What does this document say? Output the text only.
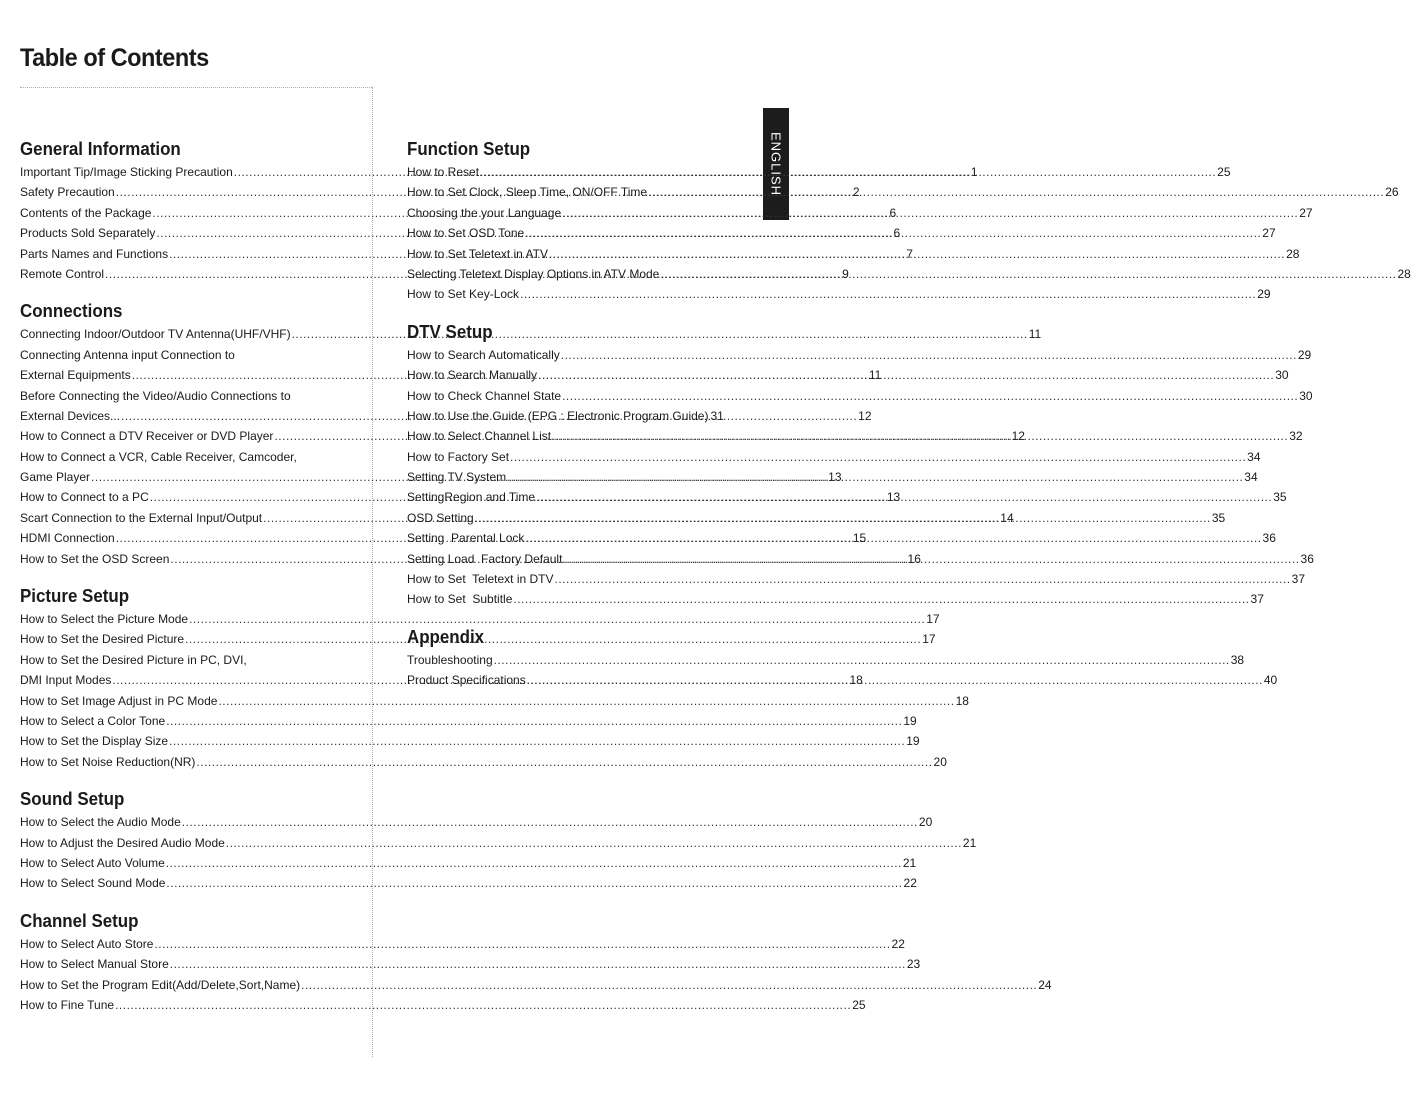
Table of Contents
ENGLISH
General Information
Important Tip/Image Sticking Precaution .....	1
Safety Precaution .....	2
Contents of the Package .....	6
Products Sold Separately .....	6
Parts Names and Functions .....	7
Remote Control .....	9
Connections
Connecting Indoor/Outdoor TV Antenna(UHF/VHF) .....	11
Connecting Antenna input Connection to
External Equipments .....	11
Before Connecting the Video/Audio Connections to
External Devices... .....	12
How to Connect a DTV Receiver or DVD Player .....	12
How to Connect a VCR, Cable Receiver, Camcoder,
Game Player .....	13
How to Connect to a PC .....	13
Scart Connection to the External Input/Output .....	14
HDMI Connection .....	15
How to Set the OSD Screen .....	16
Picture Setup
How to Select the Picture Mode .....	17
How to Set the Desired Picture .....	17
How to Set the Desired Picture in PC, DVI,
DMI Input Modes .....	18
How to Set Image Adjust in PC Mode .....	18
How to Select a Color Tone .....	19
How to Set the Display Size .....	19
How to Set Noise Reduction(NR) .....	20
Sound Setup
How to Select the Audio Mode .....	20
How to Adjust the Desired Audio Mode .....	21
How to Select Auto Volume .....	21
How to Select Sound Mode .....	22
Channel Setup
How to Select Auto Store .....	22
How to Select Manual Store .....	23
How to Set the Program Edit(Add/Delete,Sort,Name) .....	24
How to Fine Tune .....	25
Function Setup
How to Reset .....	25
How to Set Clock, Sleep Time, ON/OFF Time .....	26
Choosing the your Language .....	27
How to Set OSD Tone .....	27
How to Set Teletext in ATV .....	28
Selecting Teletext Display Options in ATV Mode .....	28
How to Set Key-Lock .....	29
DTV Setup
How to Search Automatically .....	29
How to Search Manually .....	30
How to Check Channel State .....	30
How to Use the Guide (EPG : Electronic Program Guide) 31
How to Select Channel List .....	32
How to Factory Set .....	34
Setting TV System .....	34
SettingRegion and Time .....	35
OSD Setting .....	35
Setting  Parental Lock .....	36
Setting Load  Factory Default .....	36
How to Set  Teletext in DTV .....	37
How to Set  Subtitle .....	37
Appendix
Troubleshooting .....	38
Product Specifications .....	40
